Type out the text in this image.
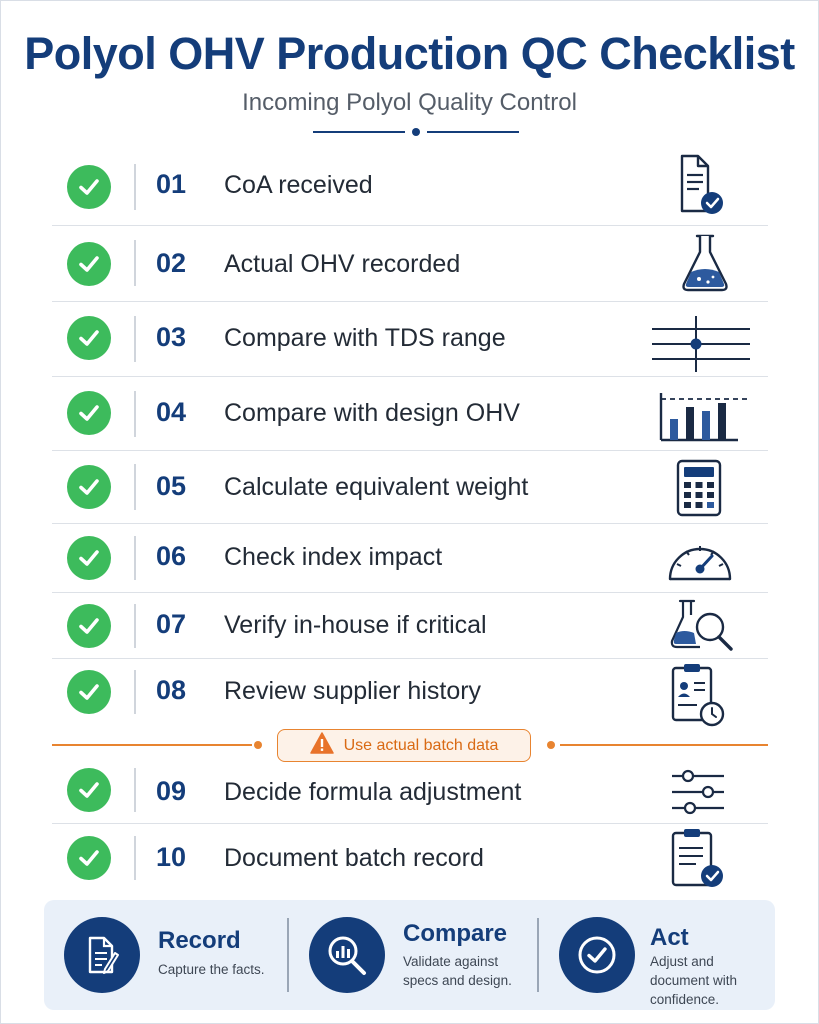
Polyol OHV Production QC Checklist
Incoming Polyol Quality Control
01 CoA received
02 Actual OHV recorded
03 Compare with TDS range
04 Compare with design OHV
05 Calculate equivalent weight
06 Check index impact
07 Verify in-house if critical
08 Review supplier history
Use actual batch data
09 Decide formula adjustment
10 Document batch record
Record
Capture the facts.
Compare
Validate against specs and design.
Act
Adjust and document with confidence.
